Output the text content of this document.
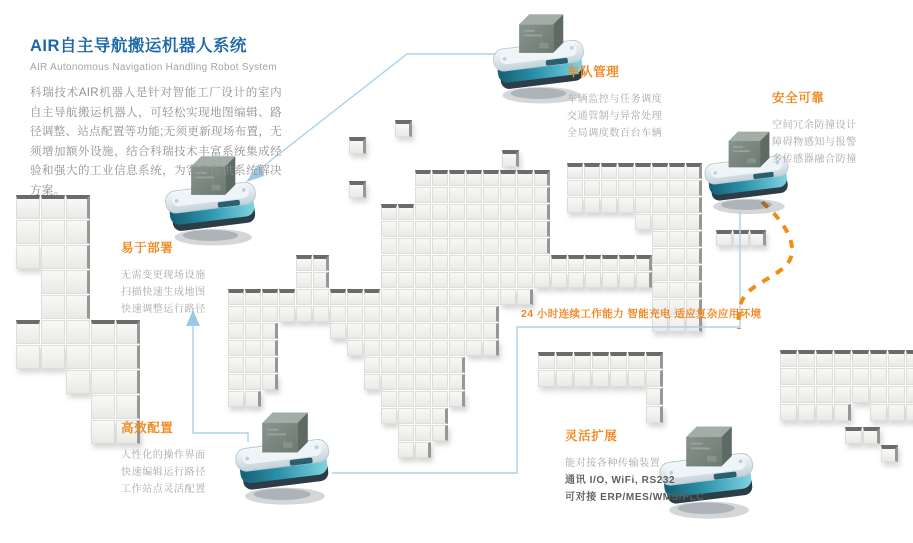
AIR自主导航搬运机器人系统
AIR Autonomous Navigation Handling Robot System
科瑞技术AIR机器人是针对智能工厂设计的室内自主导航搬运机器人，可轻松实现地图编辑、路径调整、站点配置等功能;无须更新现场布置，无须增加额外设施，结合科瑞技术丰富系统集成经验和强大的工业信息系统，为客户提供系统解决方案。
车队管理
车辆监控与任务调度
交通管制与异常处理
全局调度数百台车辆
安全可靠
空间冗余防撞设计
障碍物感知与报警
多传感器融合防撞
易于部署
无需变更现场设施
扫描快速生成地图
快速调整运行路径
高效配置
人性化的操作界面
快速编辑运行路径
工作站点灵活配置
灵活扩展
能对接各种传输装置
通讯 I/O, WiFi, RS232
可对接 ERP/MES/WMS/PLC
24 小时连续工作能力 智能充电 适应复杂应用环境
